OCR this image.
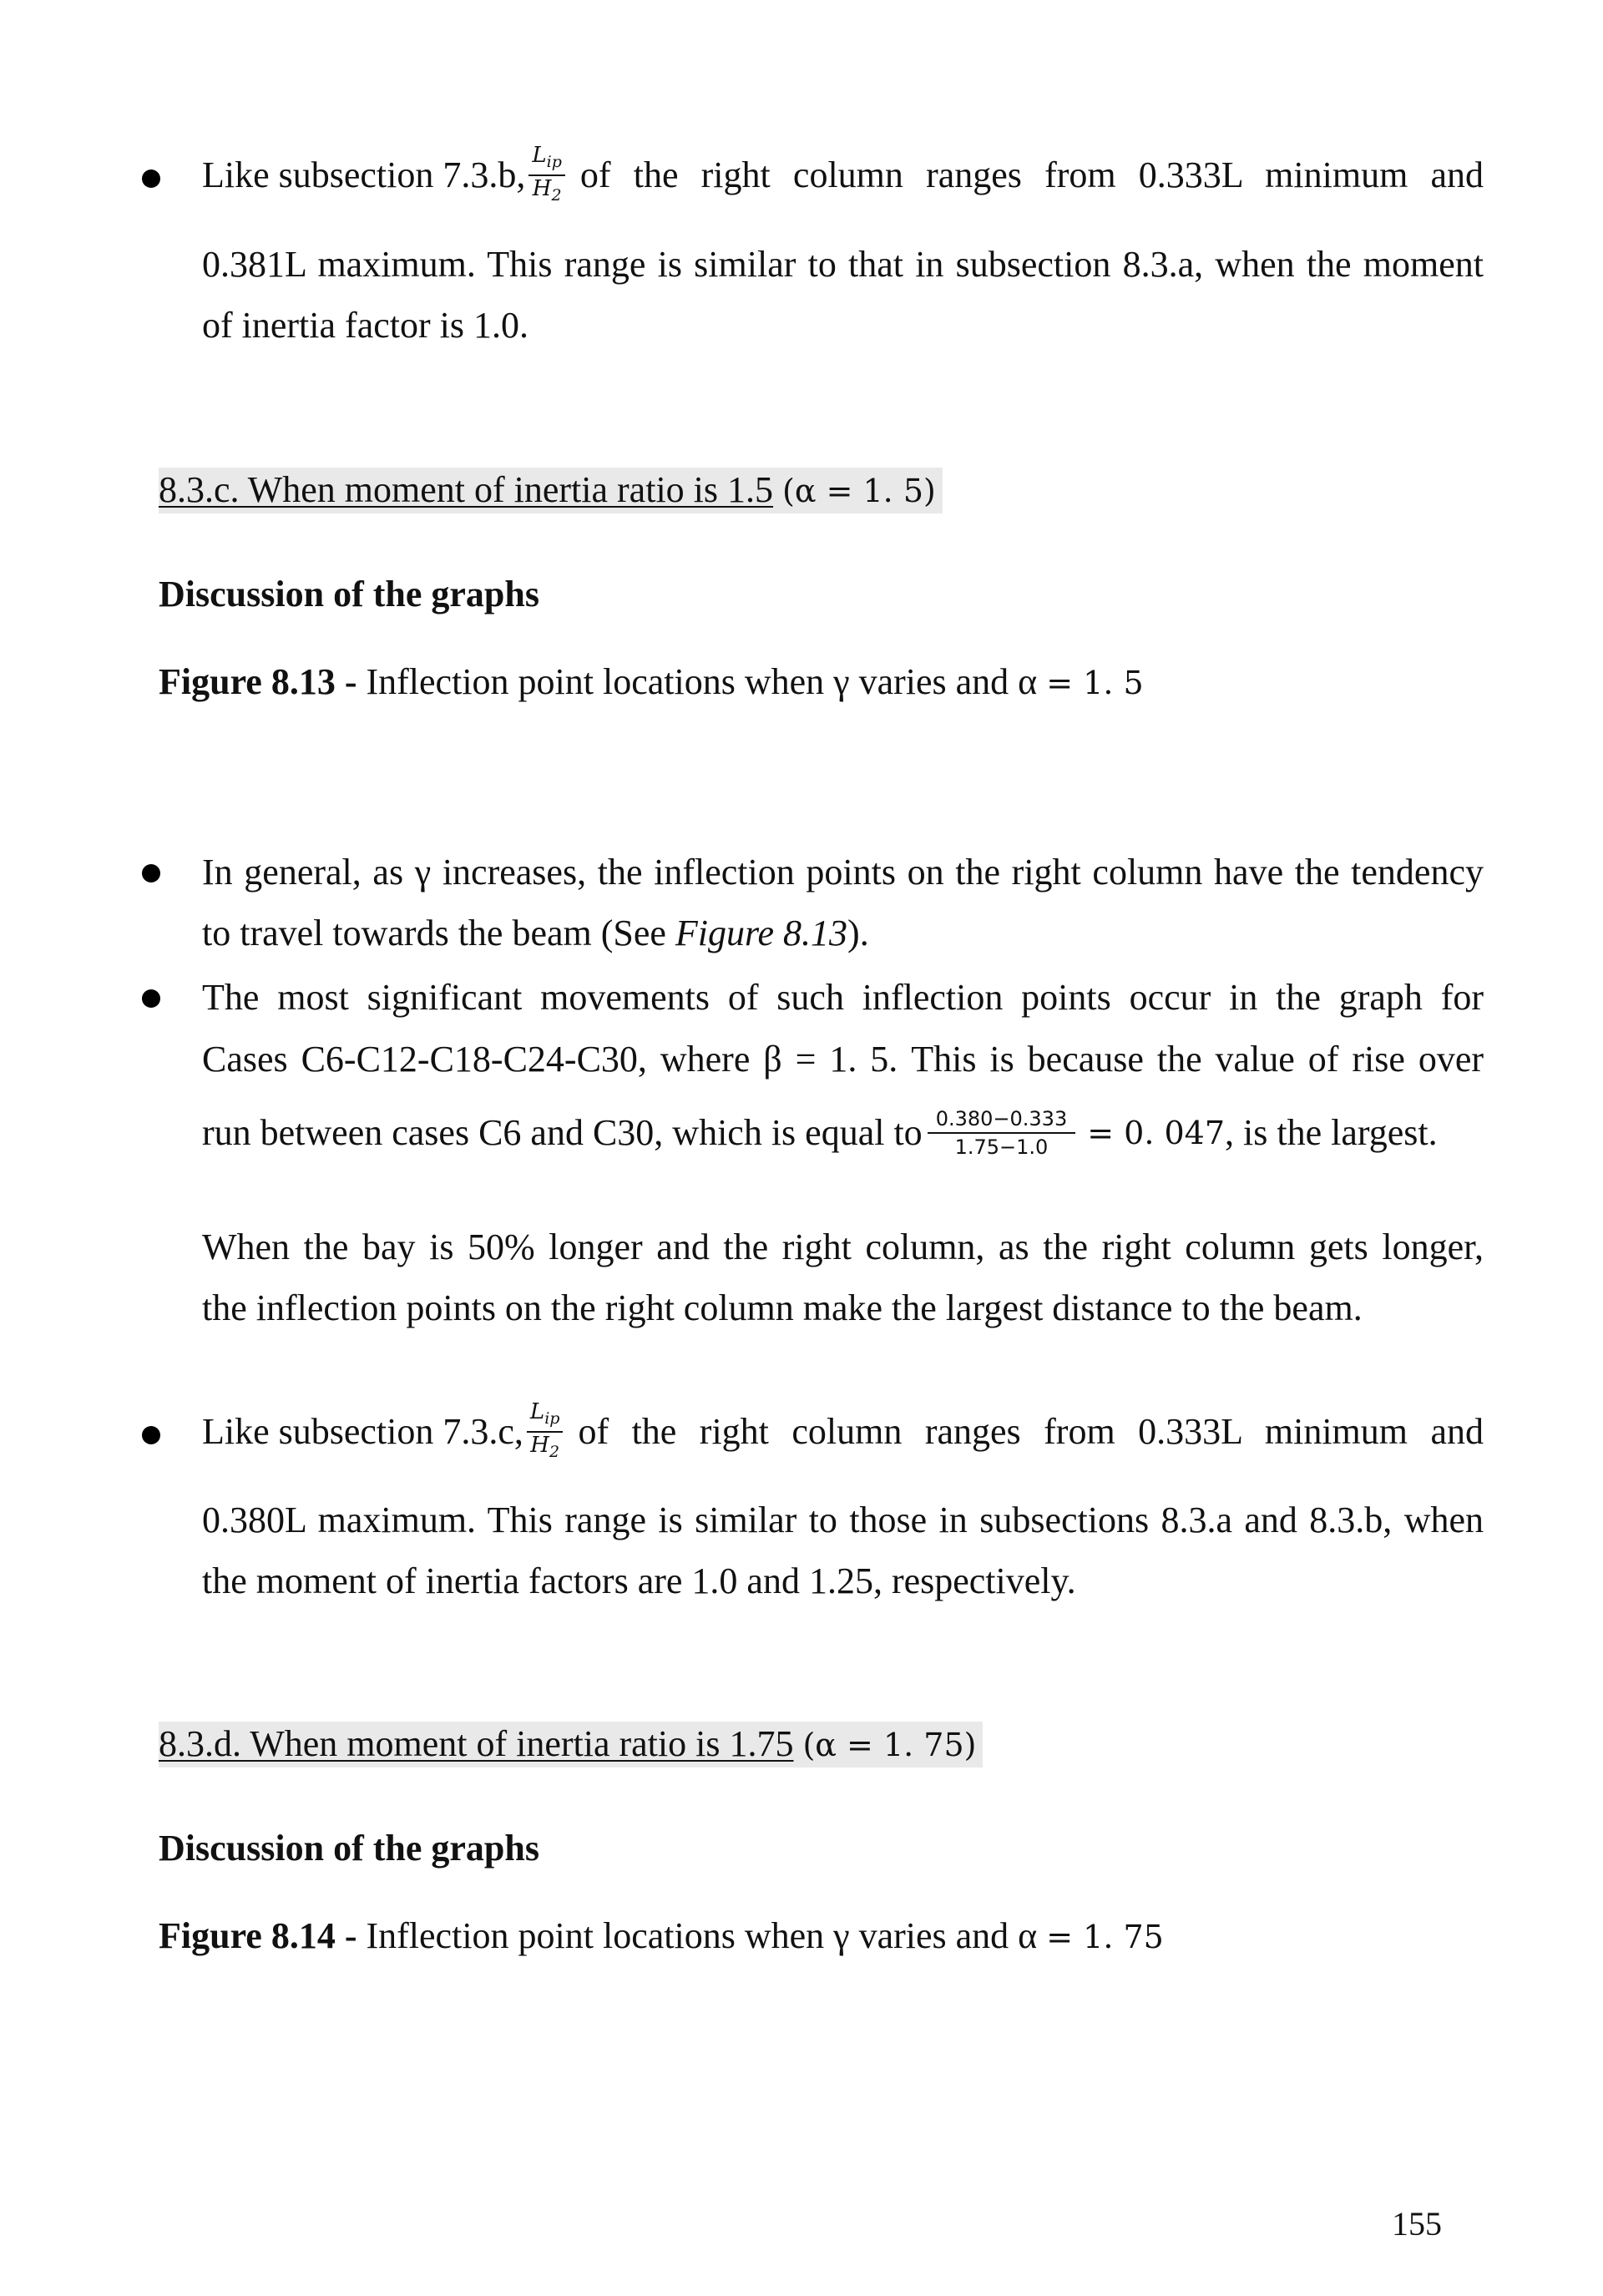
Like subsection 7.3.b, $\frac{L_{ip}}{H_2}$ of the right column ranges from 0.333L minimum and
0.381L maximum. This range is similar to that in subsection 8.3.a, when the moment
of inertia factor is 1.0.
8.3.c. When moment of inertia ratio is 1.5 (α = 1. 5)
Discussion of the graphs
Figure 8.13 - Inflection point locations when γ varies and α = 1. 5
In general, as γ increases, the inflection points on the right column have the tendency
to travel towards the beam (See Figure 8.13).
The most significant movements of such inflection points occur in the graph for
Cases C6-C12-C18-C24-C30, where β = 1. 5. This is because the value of rise over
run between cases C6 and C30, which is equal to $\frac{0.380-0.333}{1.75-1.0} = 0$. 047 , is the largest.
When the bay is 50% longer and the right column, as the right column gets longer,
the inflection points on the right column make the largest distance to the beam.
Like subsection 7.3.c, $\frac{L_{ip}}{H_2}$ of the right column ranges from 0.333L minimum and
0.380L maximum. This range is similar to those in subsections 8.3.a and 8.3.b, when
the moment of inertia factors are 1.0 and 1.25, respectively.
8.3.d. When moment of inertia ratio is 1.75 (α = 1. 75)
Discussion of the graphs
Figure 8.14 - Inflection point locations when γ varies and α = 1. 75
155
